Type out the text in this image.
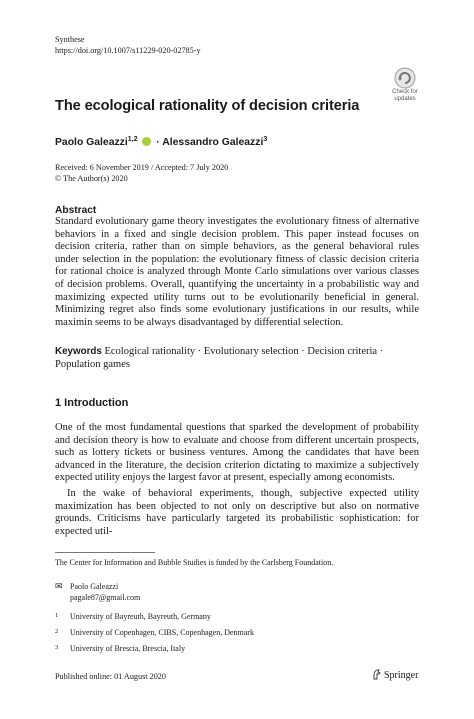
Synthese
https://doi.org/10.1007/s11229-020-02785-y
Check for
updates
The ecological rationality of decision criteria
Paolo Galeazzi$^{1,2}$ · Alessandro Galeazzi$^3$
Received: 6 November 2019 / Accepted: 7 July 2020
© The Author(s) 2020
Abstract
Standard evolutionary game theory investigates the evolutionary fitness of alternative behaviors in a fixed and single decision problem. This paper instead focuses on decision criteria, rather than on simple behaviors, as the general behavioral rules under selection in the population: the evolutionary fitness of classic decision criteria for rational choice is analyzed through Monte Carlo simulations over various classes of decision problems. Overall, quantifying the uncertainty in a probabilistic way and maximizing expected utility turns out to be evolutionarily beneficial in general. Minimizing regret also finds some evolutionary justifications in our results, while maximin seems to be always disadvantaged by differential selection.
Keywords Ecological rationality · Evolutionary selection · Decision criteria · Population games
1 Introduction
One of the most fundamental questions that sparked the development of probability and decision theory is how to evaluate and choose from different uncertain prospects, such as lottery tickets or business ventures. Among the candidates that have been advanced in the literature, the decision criterion dictating to maximize a subjectively expected utility enjoys the largest favor at present, especially among economists.
In the wake of behavioral experiments, though, subjective expected utility maximization has been objected to not only on descriptive but also on normative grounds. Criticisms have particularly targeted its probabilistic sophistication: for expected util-
The Center for Information and Bubble Studies is funded by the Carlsberg Foundation.
✉ Paolo Galeazzi
pagale87@gmail.com
1 University of Bayreuth, Bayreuth, Germany
2 University of Copenhagen, CIBS, Copenhagen, Denmark
3 University of Brescia, Brescia, Italy
Published online: 01 August 2020	Springer
